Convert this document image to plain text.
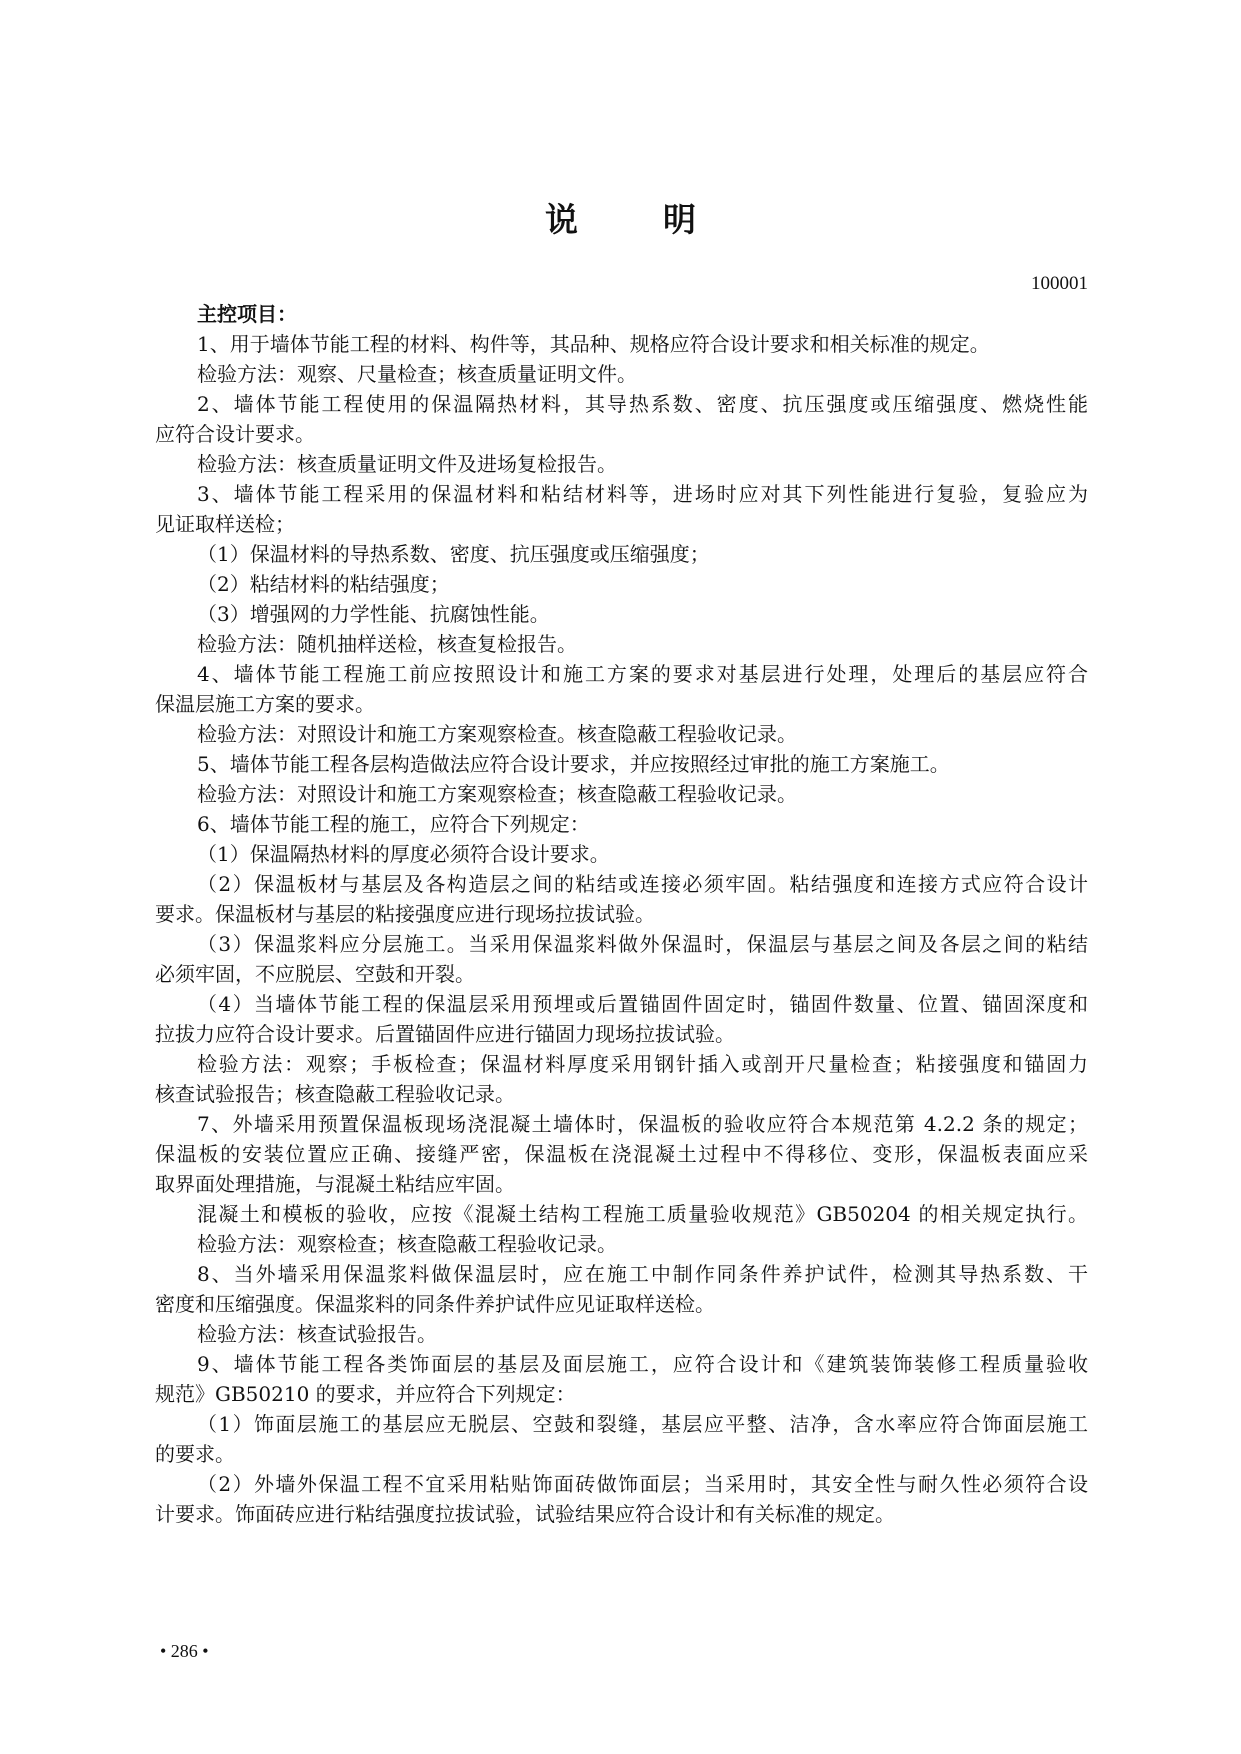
说　明
100001
主控项目：
1、用于墙体节能工程的材料、构件等，其品种、规格应符合设计要求和相关标准的规定。
检验方法：观察、尺量检查；核查质量证明文件。
2、墙体节能工程使用的保温隔热材料，其导热系数、密度、抗压强度或压缩强度、燃烧性能
应符合设计要求。
检验方法：核查质量证明文件及进场复检报告。
3、墙体节能工程采用的保温材料和粘结材料等，进场时应对其下列性能进行复验，复验应为
见证取样送检；
（1）保温材料的导热系数、密度、抗压强度或压缩强度；
（2）粘结材料的粘结强度；
（3）增强网的力学性能、抗腐蚀性能。
检验方法：随机抽样送检，核查复检报告。
4、墙体节能工程施工前应按照设计和施工方案的要求对基层进行处理，处理后的基层应符合
保温层施工方案的要求。
检验方法：对照设计和施工方案观察检查。核查隐蔽工程验收记录。
5、墙体节能工程各层构造做法应符合设计要求，并应按照经过审批的施工方案施工。
检验方法：对照设计和施工方案观察检查；核查隐蔽工程验收记录。
6、墙体节能工程的施工，应符合下列规定：
（1）保温隔热材料的厚度必须符合设计要求。
（2）保温板材与基层及各构造层之间的粘结或连接必须牢固。粘结强度和连接方式应符合设计
要求。保温板材与基层的粘接强度应进行现场拉拔试验。
（3）保温浆料应分层施工。当采用保温浆料做外保温时，保温层与基层之间及各层之间的粘结
必须牢固，不应脱层、空鼓和开裂。
（4）当墙体节能工程的保温层采用预埋或后置锚固件固定时，锚固件数量、位置、锚固深度和
拉拔力应符合设计要求。后置锚固件应进行锚固力现场拉拔试验。
检验方法：观察；手板检查；保温材料厚度采用钢针插入或剖开尺量检查；粘接强度和锚固力
核查试验报告；核查隐蔽工程验收记录。
7、外墙采用预置保温板现场浇混凝土墙体时，保温板的验收应符合本规范第 4.2.2 条的规定；
保温板的安装位置应正确、接缝严密，保温板在浇混凝土过程中不得移位、变形，保温板表面应采
取界面处理措施，与混凝土粘结应牢固。
混凝土和模板的验收，应按《混凝土结构工程施工质量验收规范》GB50204 的相关规定执行。
检验方法：观察检查；核查隐蔽工程验收记录。
8、当外墙采用保温浆料做保温层时，应在施工中制作同条件养护试件，检测其导热系数、干
密度和压缩强度。保温浆料的同条件养护试件应见证取样送检。
检验方法：核查试验报告。
9、墙体节能工程各类饰面层的基层及面层施工，应符合设计和《建筑装饰装修工程质量验收
规范》GB50210 的要求，并应符合下列规定：
（1）饰面层施工的基层应无脱层、空鼓和裂缝，基层应平整、洁净，含水率应符合饰面层施工
的要求。
（2）外墙外保温工程不宜采用粘贴饰面砖做饰面层；当采用时，其安全性与耐久性必须符合设
计要求。饰面砖应进行粘结强度拉拔试验，试验结果应符合设计和有关标准的规定。
• 286 •
